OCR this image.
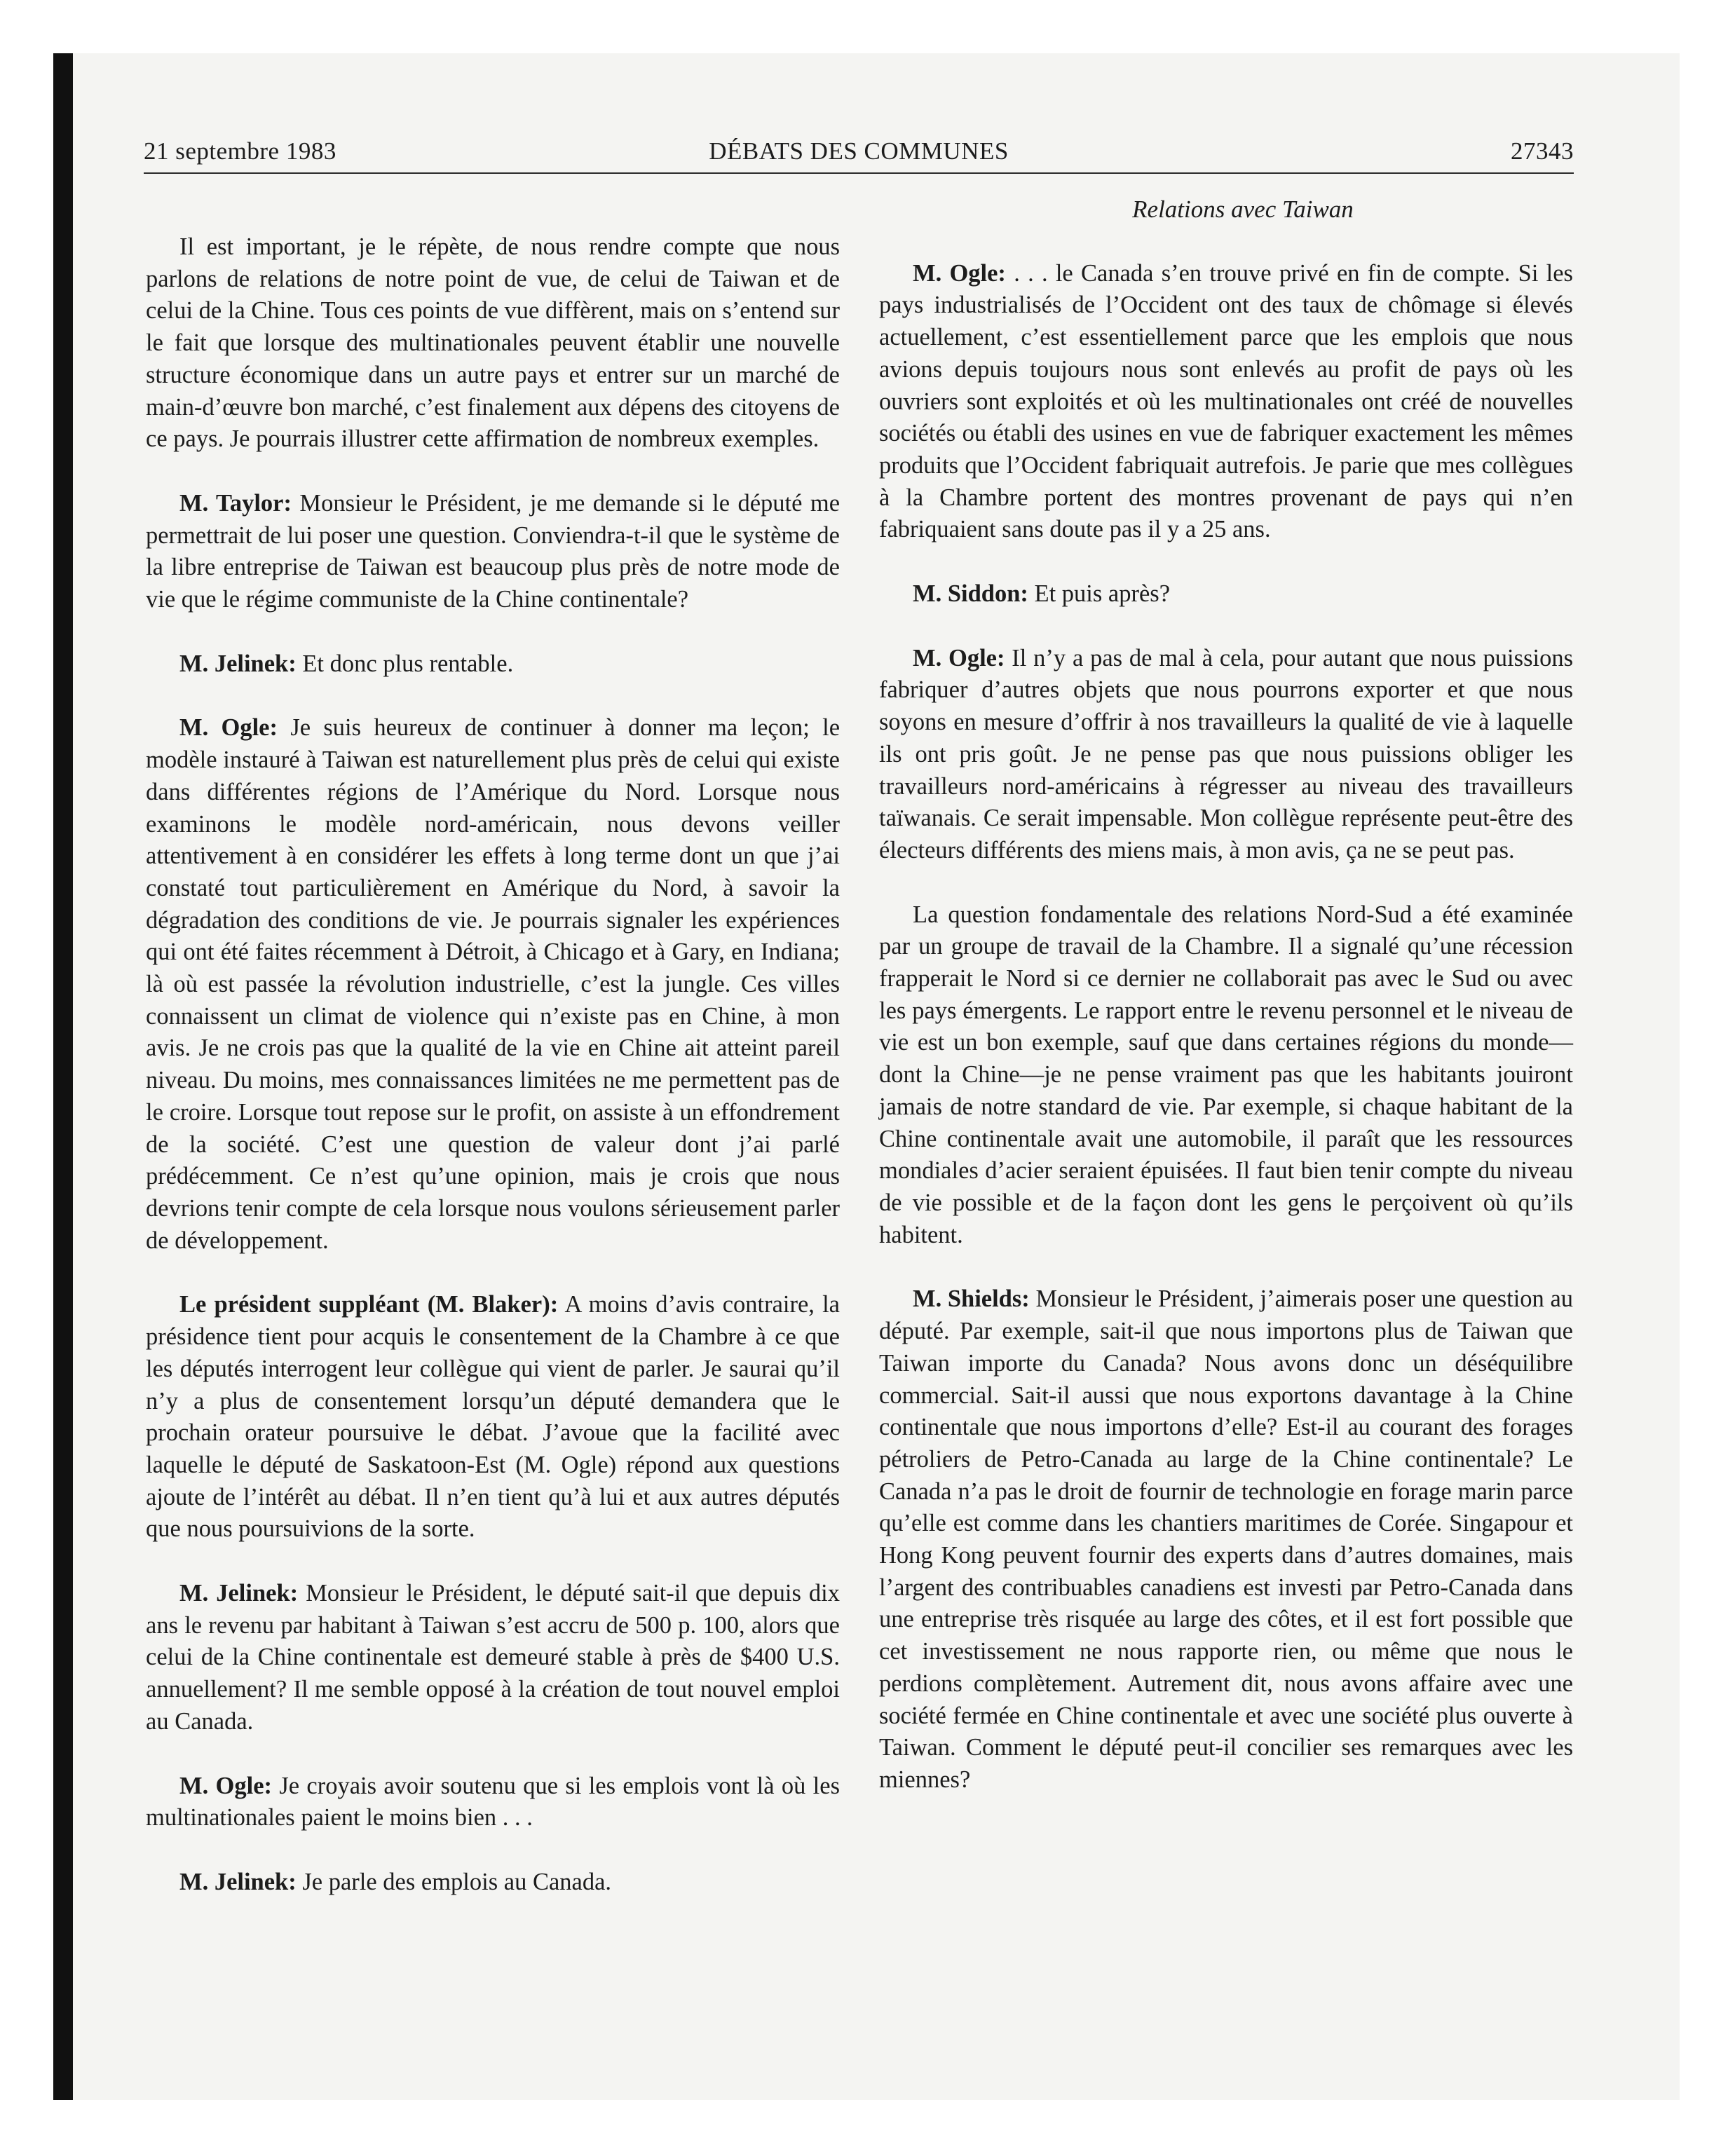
21 septembre 1983	DÉBATS DES COMMUNES	27343

Il est important, je le répète, de nous rendre compte que nous parlons de relations de notre point de vue, de celui de Taiwan et de celui de la Chine. Tous ces points de vue diffèrent, mais on s’entend sur le fait que lorsque des multinationales peuvent établir une nouvelle structure économique dans un autre pays et entrer sur un marché de main-d’œuvre bon marché, c’est finalement aux dépens des citoyens de ce pays. Je pourrais illustrer cette affirmation de nombreux exemples.

M. Taylor: Monsieur le Président, je me demande si le député me permettrait de lui poser une question. Conviendra-t-il que le système de la libre entreprise de Taiwan est beaucoup plus près de notre mode de vie que le régime communiste de la Chine continentale?

M. Jelinek: Et donc plus rentable.

M. Ogle: Je suis heureux de continuer à donner ma leçon; le modèle instauré à Taiwan est naturellement plus près de celui qui existe dans différentes régions de l’Amérique du Nord. Lorsque nous examinons le modèle nord-américain, nous devons veiller attentivement à en considérer les effets à long terme dont un que j’ai constaté tout particulièrement en Amérique du Nord, à savoir la dégradation des conditions de vie. Je pourrais signaler les expériences qui ont été faites récemment à Détroit, à Chicago et à Gary, en Indiana; là où est passée la révolution industrielle, c’est la jungle. Ces villes connaissent un climat de violence qui n’existe pas en Chine, à mon avis. Je ne crois pas que la qualité de la vie en Chine ait atteint pareil niveau. Du moins, mes connaissances limitées ne me permettent pas de le croire. Lorsque tout repose sur le profit, on assiste à un effondrement de la société. C’est une question de valeur dont j’ai parlé prédécemment. Ce n’est qu’une opinion, mais je crois que nous devrions tenir compte de cela lorsque nous voulons sérieusement parler de développement.

Le président suppléant (M. Blaker): A moins d’avis contraire, la présidence tient pour acquis le consentement de la Chambre à ce que les députés interrogent leur collègue qui vient de parler. Je saurai qu’il n’y a plus de consentement lorsqu’un député demandera que le prochain orateur poursuive le débat. J’avoue que la facilité avec laquelle le député de Saskatoon-Est (M. Ogle) répond aux questions ajoute de l’intérêt au débat. Il n’en tient qu’à lui et aux autres députés que nous poursuivions de la sorte.

M. Jelinek: Monsieur le Président, le député sait-il que depuis dix ans le revenu par habitant à Taiwan s’est accru de 500 p. 100, alors que celui de la Chine continentale est demeuré stable à près de $400 U.S. annuellement? Il me semble opposé à la création de tout nouvel emploi au Canada.

M. Ogle: Je croyais avoir soutenu que si les emplois vont là où les multinationales paient le moins bien . . .

M. Jelinek: Je parle des emplois au Canada.

Relations avec Taiwan

M. Ogle: . . . le Canada s’en trouve privé en fin de compte. Si les pays industrialisés de l’Occident ont des taux de chômage si élevés actuellement, c’est essentiellement parce que les emplois que nous avions depuis toujours nous sont enlevés au profit de pays où les ouvriers sont exploités et où les multinationales ont créé de nouvelles sociétés ou établi des usines en vue de fabriquer exactement les mêmes produits que l’Occident fabriquait autrefois. Je parie que mes collègues à la Chambre portent des montres provenant de pays qui n’en fabriquaient sans doute pas il y a 25 ans.

M. Siddon: Et puis après?

M. Ogle: Il n’y a pas de mal à cela, pour autant que nous puissions fabriquer d’autres objets que nous pourrons exporter et que nous soyons en mesure d’offrir à nos travailleurs la qualité de vie à laquelle ils ont pris goût. Je ne pense pas que nous puissions obliger les travailleurs nord-américains à régresser au niveau des travailleurs taïwanais. Ce serait impensable. Mon collègue représente peut-être des électeurs différents des miens mais, à mon avis, ça ne se peut pas.

La question fondamentale des relations Nord-Sud a été examinée par un groupe de travail de la Chambre. Il a signalé qu’une récession frapperait le Nord si ce dernier ne collaborait pas avec le Sud ou avec les pays émergents. Le rapport entre le revenu personnel et le niveau de vie est un bon exemple, sauf que dans certaines régions du monde—dont la Chine—je ne pense vraiment pas que les habitants jouiront jamais de notre standard de vie. Par exemple, si chaque habitant de la Chine continentale avait une automobile, il paraît que les ressources mondiales d’acier seraient épuisées. Il faut bien tenir compte du niveau de vie possible et de la façon dont les gens le perçoivent où qu’ils habitent.

M. Shields: Monsieur le Président, j’aimerais poser une question au député. Par exemple, sait-il que nous importons plus de Taiwan que Taiwan importe du Canada? Nous avons donc un déséquilibre commercial. Sait-il aussi que nous exportons davantage à la Chine continentale que nous importons d’elle? Est-il au courant des forages pétroliers de Petro-Canada au large de la Chine continentale? Le Canada n’a pas le droit de fournir de technologie en forage marin parce qu’elle est comme dans les chantiers maritimes de Corée. Singapour et Hong Kong peuvent fournir des experts dans d’autres domaines, mais l’argent des contribuables canadiens est investi par Petro-Canada dans une entreprise très risquée au large des côtes, et il est fort possible que cet investissement ne nous rapporte rien, ou même que nous le perdions complètement. Autrement dit, nous avons affaire avec une société fermée en Chine continentale et avec une société plus ouverte à Taiwan. Comment le député peut-il concilier ses remarques avec les miennes?
